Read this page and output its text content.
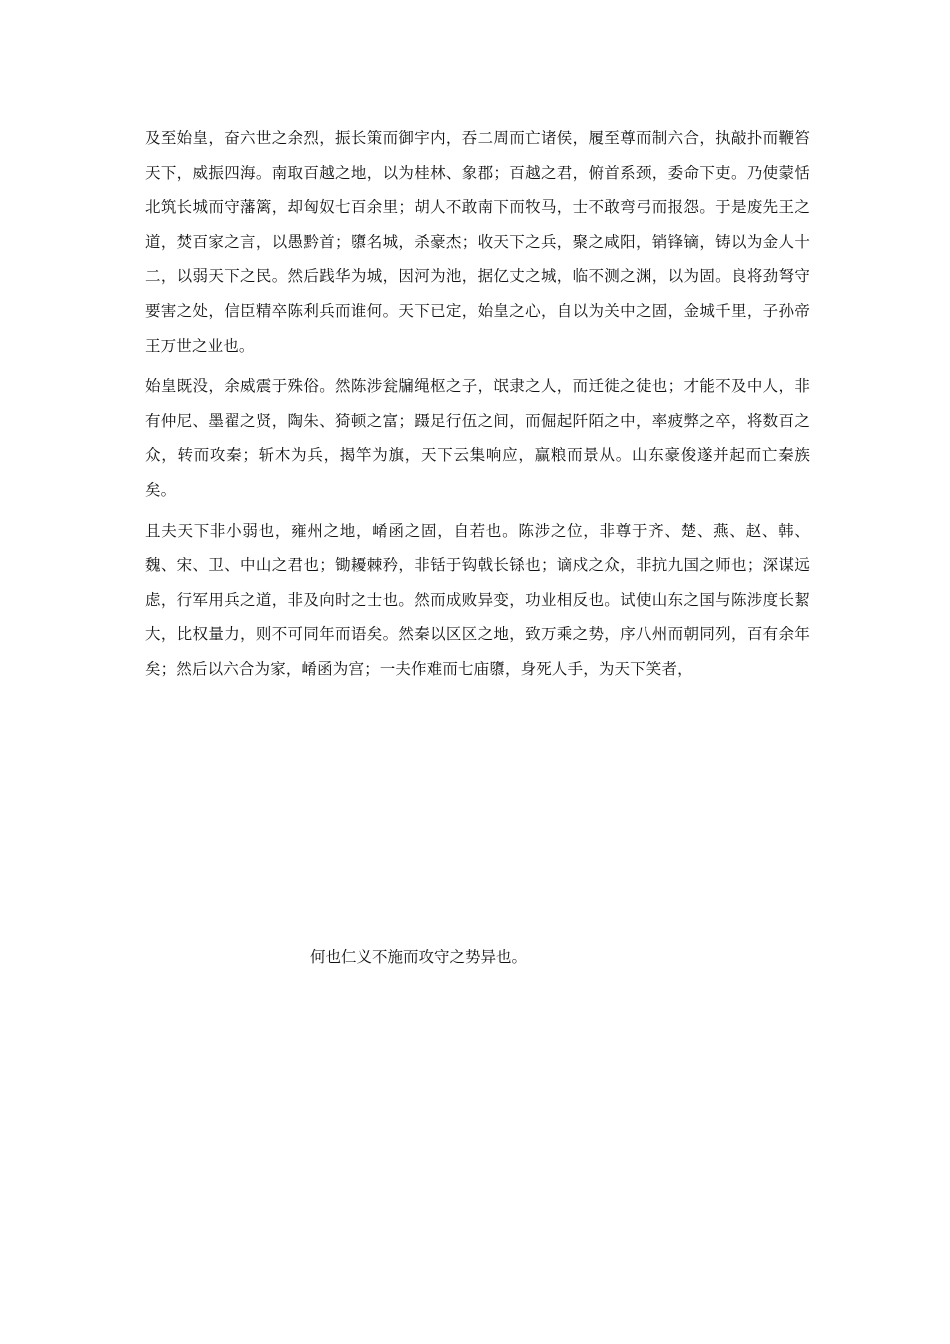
及至始皇，奋六世之余烈，振长策而御宇内，吞二周而亡诸侯，履至尊而制六合，执敲扑而鞭笞天下，威振四海。南取百越之地，以为桂林、象郡；百越之君，俯首系颈，委命下吏。乃使蒙恬北筑长城而守藩篱，却匈奴七百余里；胡人不敢南下而牧马，士不敢弯弓而报怨。于是废先王之道，焚百家之言，以愚黔首；隳名城，杀豪杰；收天下之兵，聚之咸阳，销锋镝，铸以为金人十二，以弱天下之民。然后践华为城，因河为池，据亿丈之城，临不测之渊，以为固。良将劲弩守要害之处，信臣精卒陈利兵而谁何。天下已定，始皇之心，自以为关中之固，金城千里，子孙帝王万世之业也。

始皇既没，余威震于殊俗。然陈涉瓮牖绳枢之子，氓隶之人，而迁徙之徒也；才能不及中人，非有仲尼、墨翟之贤，陶朱、猗顿之富；蹑足行伍之间，而倔起阡陌之中，率疲弊之卒，将数百之众，转而攻秦；斩木为兵，揭竿为旗，天下云集响应，赢粮而景从。山东豪俊遂并起而亡秦族矣。

且夫天下非小弱也，雍州之地，崤函之固，自若也。陈涉之位，非尊于齐、楚、燕、赵、韩、魏、宋、卫、中山之君也；锄耰棘矜，非铦于钩戟长铩也；谪戍之众，非抗九国之师也；深谋远虑，行军用兵之道，非及向时之士也。然而成败异变，功业相反也。试使山东之国与陈涉度长絜大，比权量力，则不可同年而语矣。然秦以区区之地，致万乘之势，序八州而朝同列，百有余年矣；然后以六合为家，崤函为宫；一夫作难而七庙隳，身死人手，为天下笑者，

何也仁义不施而攻守之势异也。
